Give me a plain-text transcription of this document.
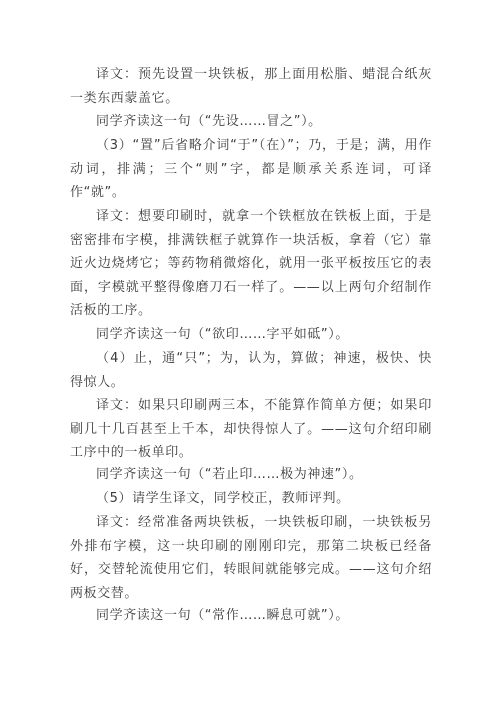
译文：预先设置一块铁板，那上面用松脂、蜡混合纸灰一类东西蒙盖它。

同学齐读这一句（“先设……冒之”）。

（3）“置”后省略介词“于”（在）”；乃，于是；满，用作动词，排满；三个“则”字，都是顺承关系连词，可译作“就”。

译文：想要印刷时，就拿一个铁框放在铁板上面，于是密密排布字模，排满铁框子就算作一块活板，拿着（它）靠近火边烧烤它；等药物稍微熔化，就用一张平板按压它的表面，字模就平整得像磨刀石一样了。——以上两句介绍制作活板的工序。

同学齐读这一句（“欲印……字平如砥”）。

（4）止，通“只”；为，认为，算做；神速，极快、快得惊人。

译文：如果只印刷两三本，不能算作简单方便；如果印刷几十几百甚至上千本，却快得惊人了。——这句介绍印刷工序中的一板单印。

同学齐读这一句（“若止印……极为神速”）。

（5）请学生译文，同学校正，教师评判。

译文：经常准备两块铁板，一块铁板印刷，一块铁板另外排布字模，这一块印刷的刚刚印完，那第二块板已经备好，交替轮流使用它们，转眼间就能够完成。——这句介绍两板交替。

同学齐读这一句（“常作……瞬息可就”）。
